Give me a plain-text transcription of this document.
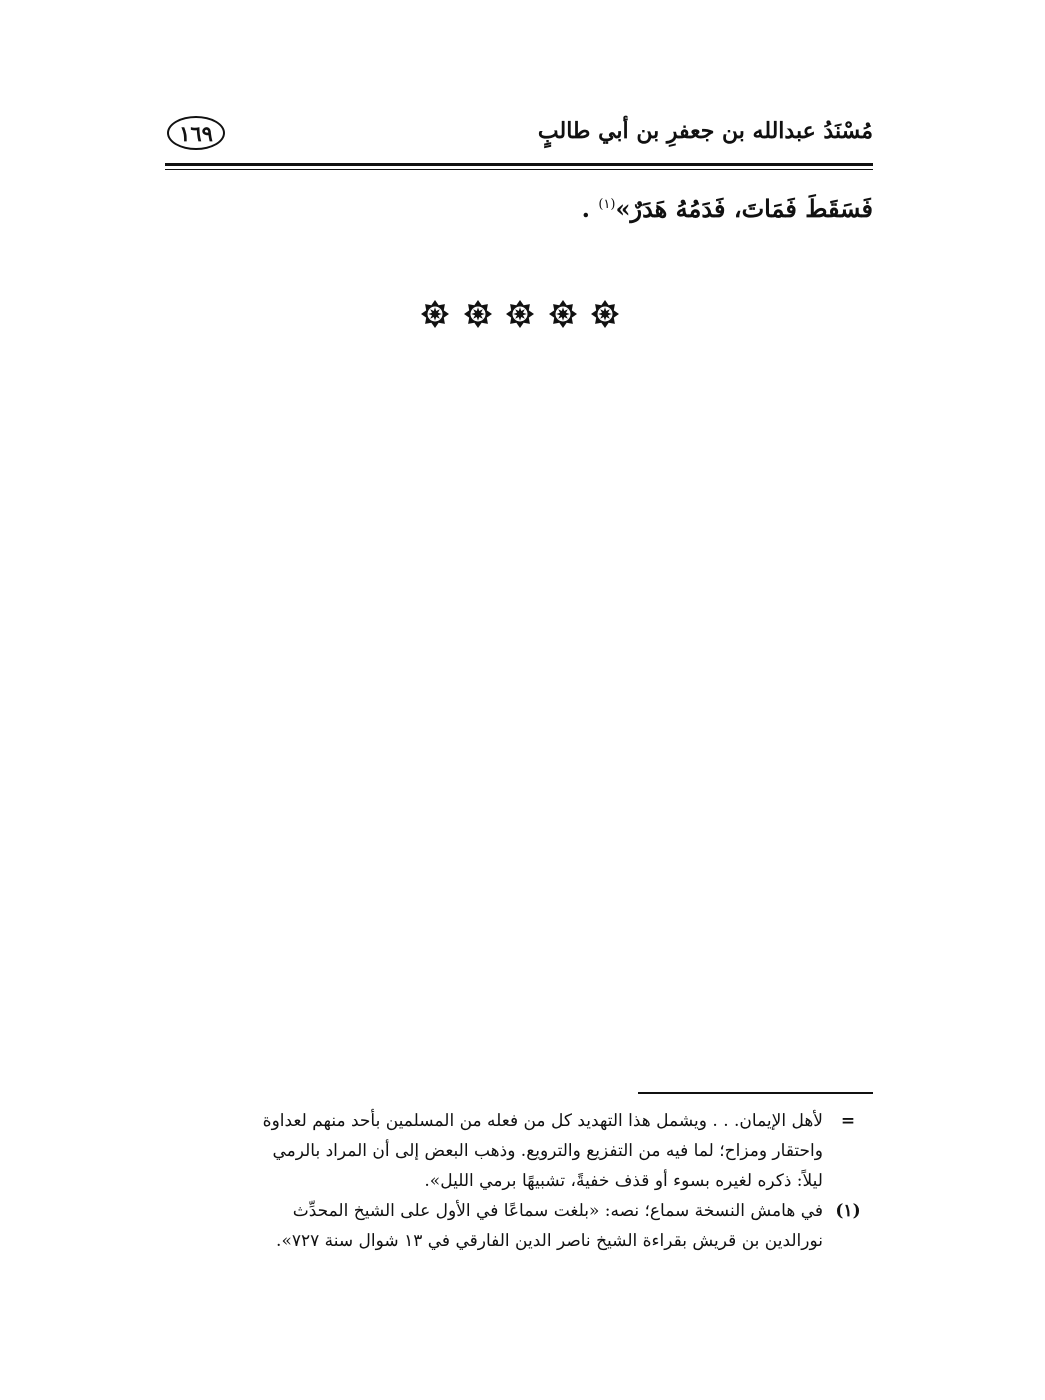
مُسْنَدُ عبدالله بن جعفرِ بن أبي طالبٍ
١٦٩
فَسَقَطَ فَمَاتَ، فَدَمُهُ هَدَرٌ»$^{(١)}$ .
=
لأهل الإيمان. . . ويشمل هذا التهديد كل من فعله من المسلمين بأحد منهم لعداوة
واحتقار ومزاح؛ لما فيه من التفزيع والترويع. وذهب البعض إلى أن المراد بالرمي
ليلاً: ذكره لغيره بسوء أو قذف خفيةً، تشبيهًا برمي الليل».
(١)
في هامش النسخة سماع؛ نصه: «بلغت سماعًا في الأول على الشيخ المحدِّث
نورالدين بن قريش بقراءة الشيخ ناصر الدين الفارقي في ١٣ شوال سنة ٧٢٧».
